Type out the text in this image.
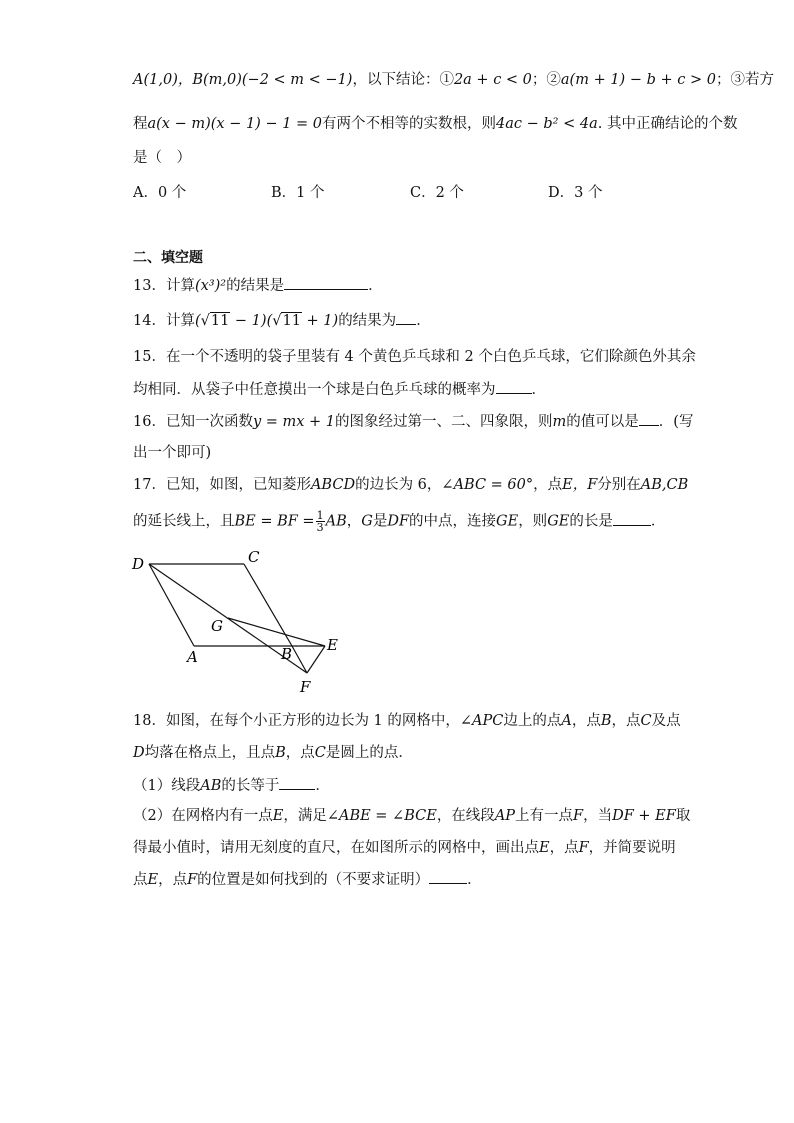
A(1,0)，B(m,0)(−2 < m < −1)，以下结论：①2a + c < 0；②a(m + 1) − b + c > 0；③若方
程a(x − m)(x − 1) − 1 = 0有两个不相等的实数根，则4ac − b² < 4a. 其中正确结论的个数
是（　）
A．0 个	B．1 个	C．2 个	D．3 个
二、填空题
13．计算(x³)²的结果是	．
14．计算(√11 − 1)(√11 + 1)的结果为 ．
15．在一个不透明的袋子里装有 4 个黄色乒乓球和 2 个白色乒乓球，它们除颜色外其余
均相同．从袋子中任意摸出一个球是白色乒乓球的概率为 ．
16．已知一次函数y = mx + 1的图象经过第一、二、四象限，则m的值可以是 ．(写
出一个即可)
17．已知，如图，已知菱形ABCD的边长为 6，∠ABC = 60°，点E，F分别在AB,CB
的延长线上，且BE = BF = $\frac{1}{3}$ AB，G是DF的中点，连接GE，则GE的长是	．
D	C
G
A	B E
F
18．如图，在每个小正方形的边长为 1 的网格中，∠APC边上的点A，点B，点C及点
D均落在格点上，且点B，点C是圆上的点．
（1）线段AB的长等于 ．
（2）在网格内有一点E，满足∠ABE = ∠BCE，在线段AP上有一点F，当DF + EF取
得最小值时，请用无刻度的直尺，在如图所示的网格中，画出点E，点F，并简要说明
点E，点F的位置是如何找到的（不要求证明）	．
